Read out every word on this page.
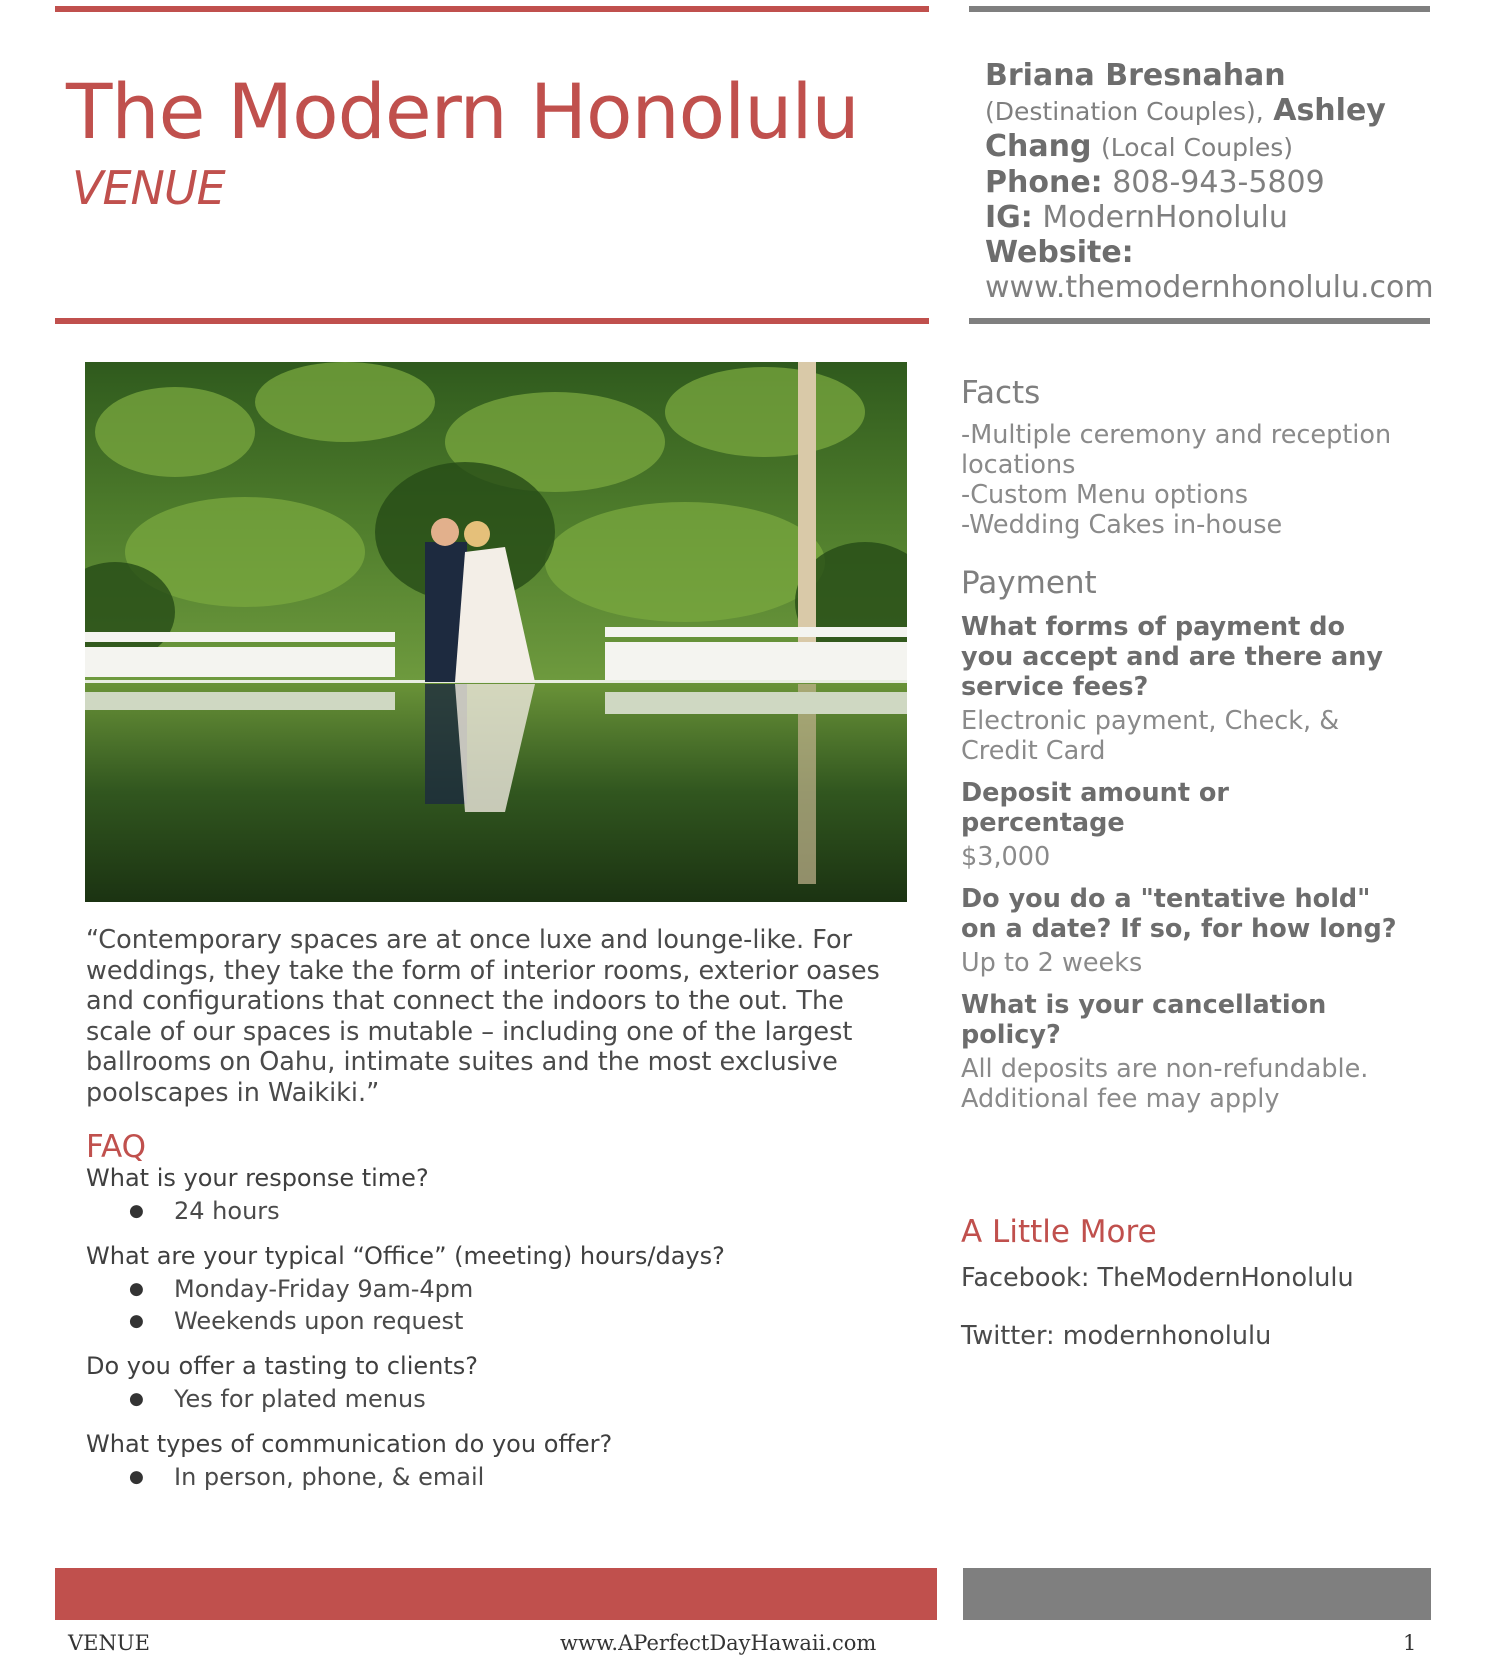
The Modern Honolulu
VENUE
Briana Bresnahan
(Destination Couples), Ashley Chang (Local Couples)
Phone: 808-943-5809
IG: ModernHonolulu
Website:
www.themodernhonolulu.com
“Contemporary spaces are at once luxe and lounge-like. For weddings, they take the form of interior rooms, exterior oases and configurations that connect the indoors to the out. The scale of our spaces is mutable – including one of the largest ballrooms on Oahu, intimate suites and the most exclusive poolscapes in Waikiki.”
FAQ
What is your response time?
● 24 hours
What are your typical “Office” (meeting) hours/days?
● Monday-Friday 9am-4pm
● Weekends upon request
Do you offer a tasting to clients?
● Yes for plated menus
What types of communication do you offer?
● In person, phone, & email
Facts
-Multiple ceremony and reception locations
-Custom Menu options
-Wedding Cakes in-house
Payment
What forms of payment do you accept and are there any service fees?
Electronic payment, Check, & Credit Card
Deposit amount or percentage
$3,000
Do you do a "tentative hold" on a date? If so, for how long?
Up to 2 weeks
What is your cancellation policy?
All deposits are non-refundable. Additional fee may apply
A Little More
Facebook: TheModernHonolulu
Twitter: modernhonolulu
VENUE	www.APerfectDayHawaii.com	1
